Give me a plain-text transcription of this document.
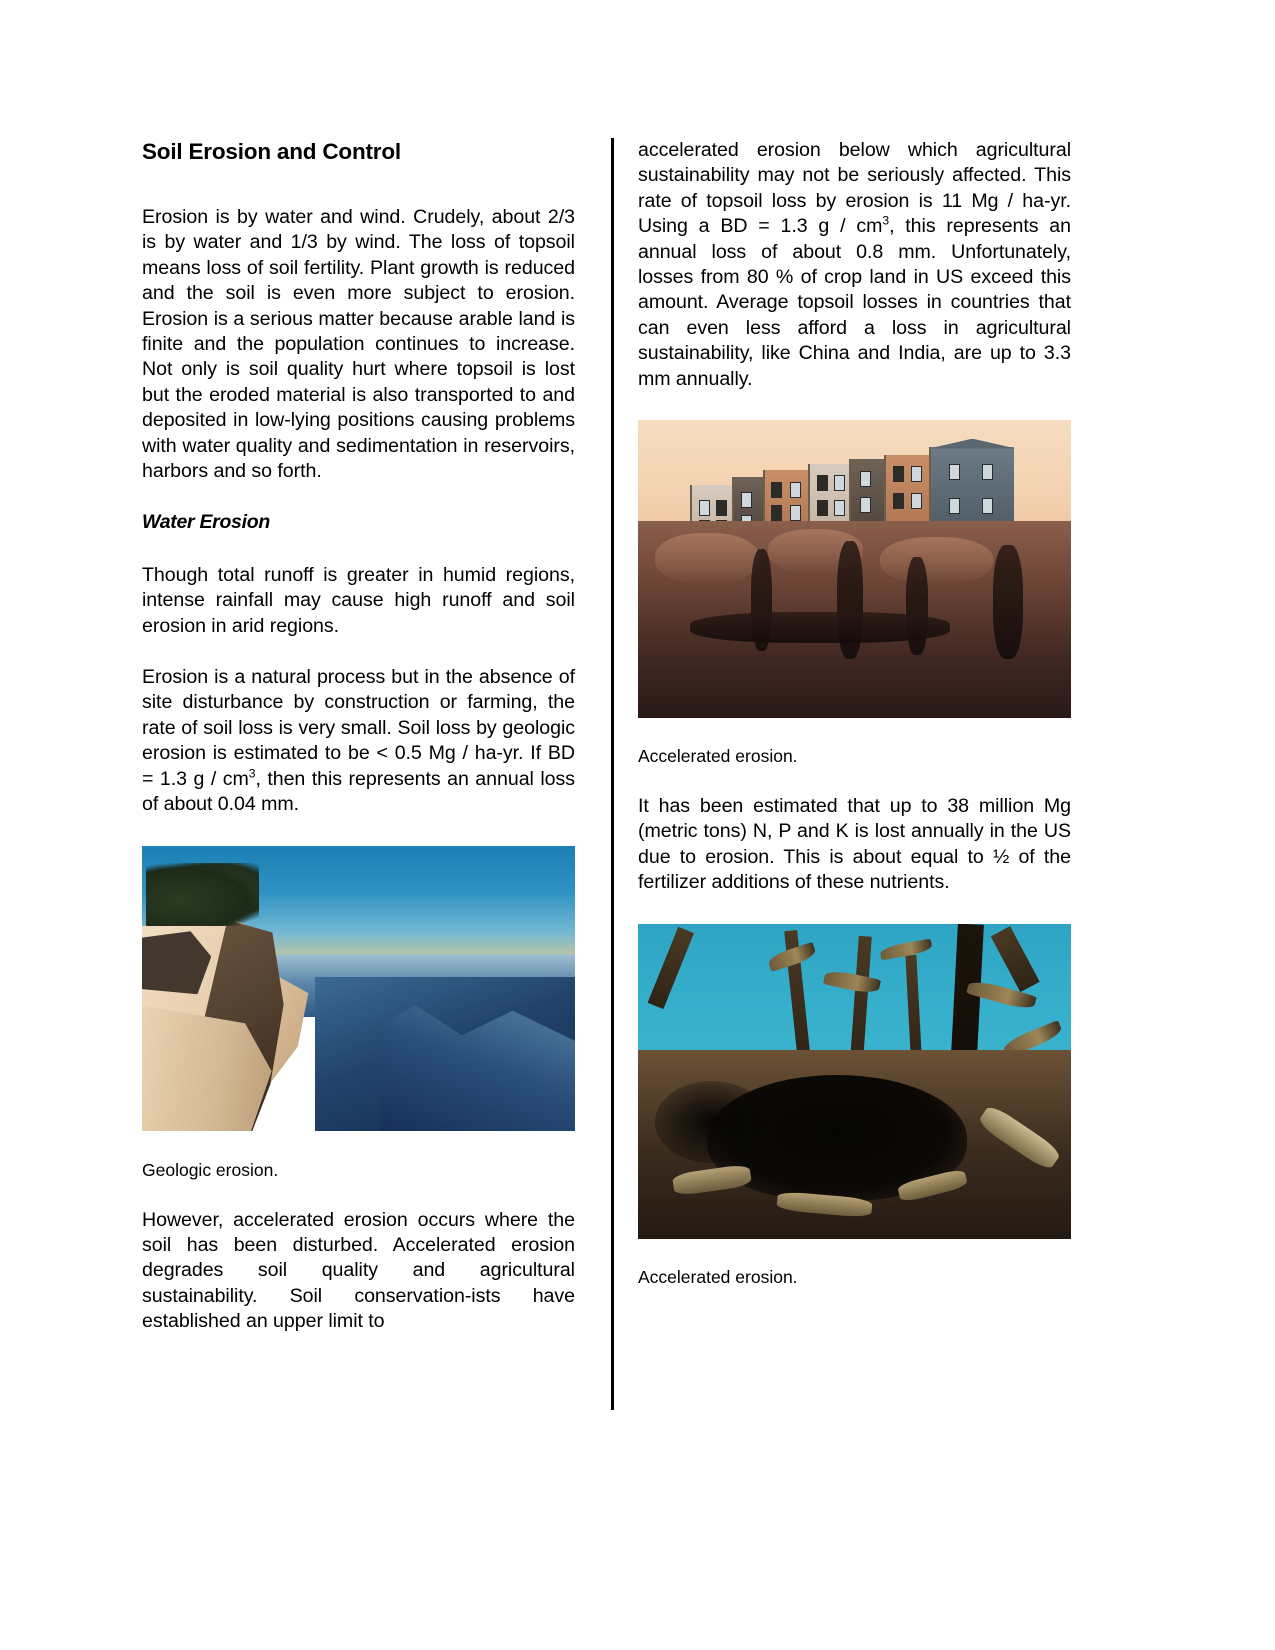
Soil Erosion and Control

Erosion is by water and wind. Crudely, about 2/3 is by water and 1/3 by wind. The loss of topsoil means loss of soil fertility. Plant growth is reduced and the soil is even more subject to erosion. Erosion is a serious matter because arable land is finite and the population continues to increase. Not only is soil quality hurt where topsoil is lost but the eroded material is also transported to and deposited in low-lying positions causing problems with water quality and sedimentation in reservoirs, harbors and so forth.

Water Erosion

Though total runoff is greater in humid regions, intense rainfall may cause high runoff and soil erosion in arid regions.

Erosion is a natural process but in the absence of site disturbance by construction or farming, the rate of soil loss is very small. Soil loss by geologic erosion is estimated to be < 0.5 Mg / ha-yr. If BD = 1.3 g / $cm^3$, then this represents an annual loss of about 0.04 mm.

Geologic erosion.

However, accelerated erosion occurs where the soil has been disturbed. Accelerated erosion degrades soil quality and agricultural sustainability. Soil conservation-ists have established an upper limit to

accelerated erosion below which agricultural sustainability may not be seriously affected. This rate of topsoil loss by erosion is 11 Mg / ha-yr. Using a BD = 1.3 g / $cm^3$, this represents an annual loss of about 0.8 mm. Unfortunately, losses from 80 % of crop land in US exceed this amount. Average topsoil losses in countries that can even less afford a loss in agricultural sustainability, like China and India, are up to 3.3 mm annually.

Accelerated erosion.

It has been estimated that up to 38 million Mg (metric tons) N, P and K is lost annually in the US due to erosion. This is about equal to ½ of the fertilizer additions of these nutrients.

Accelerated erosion.
